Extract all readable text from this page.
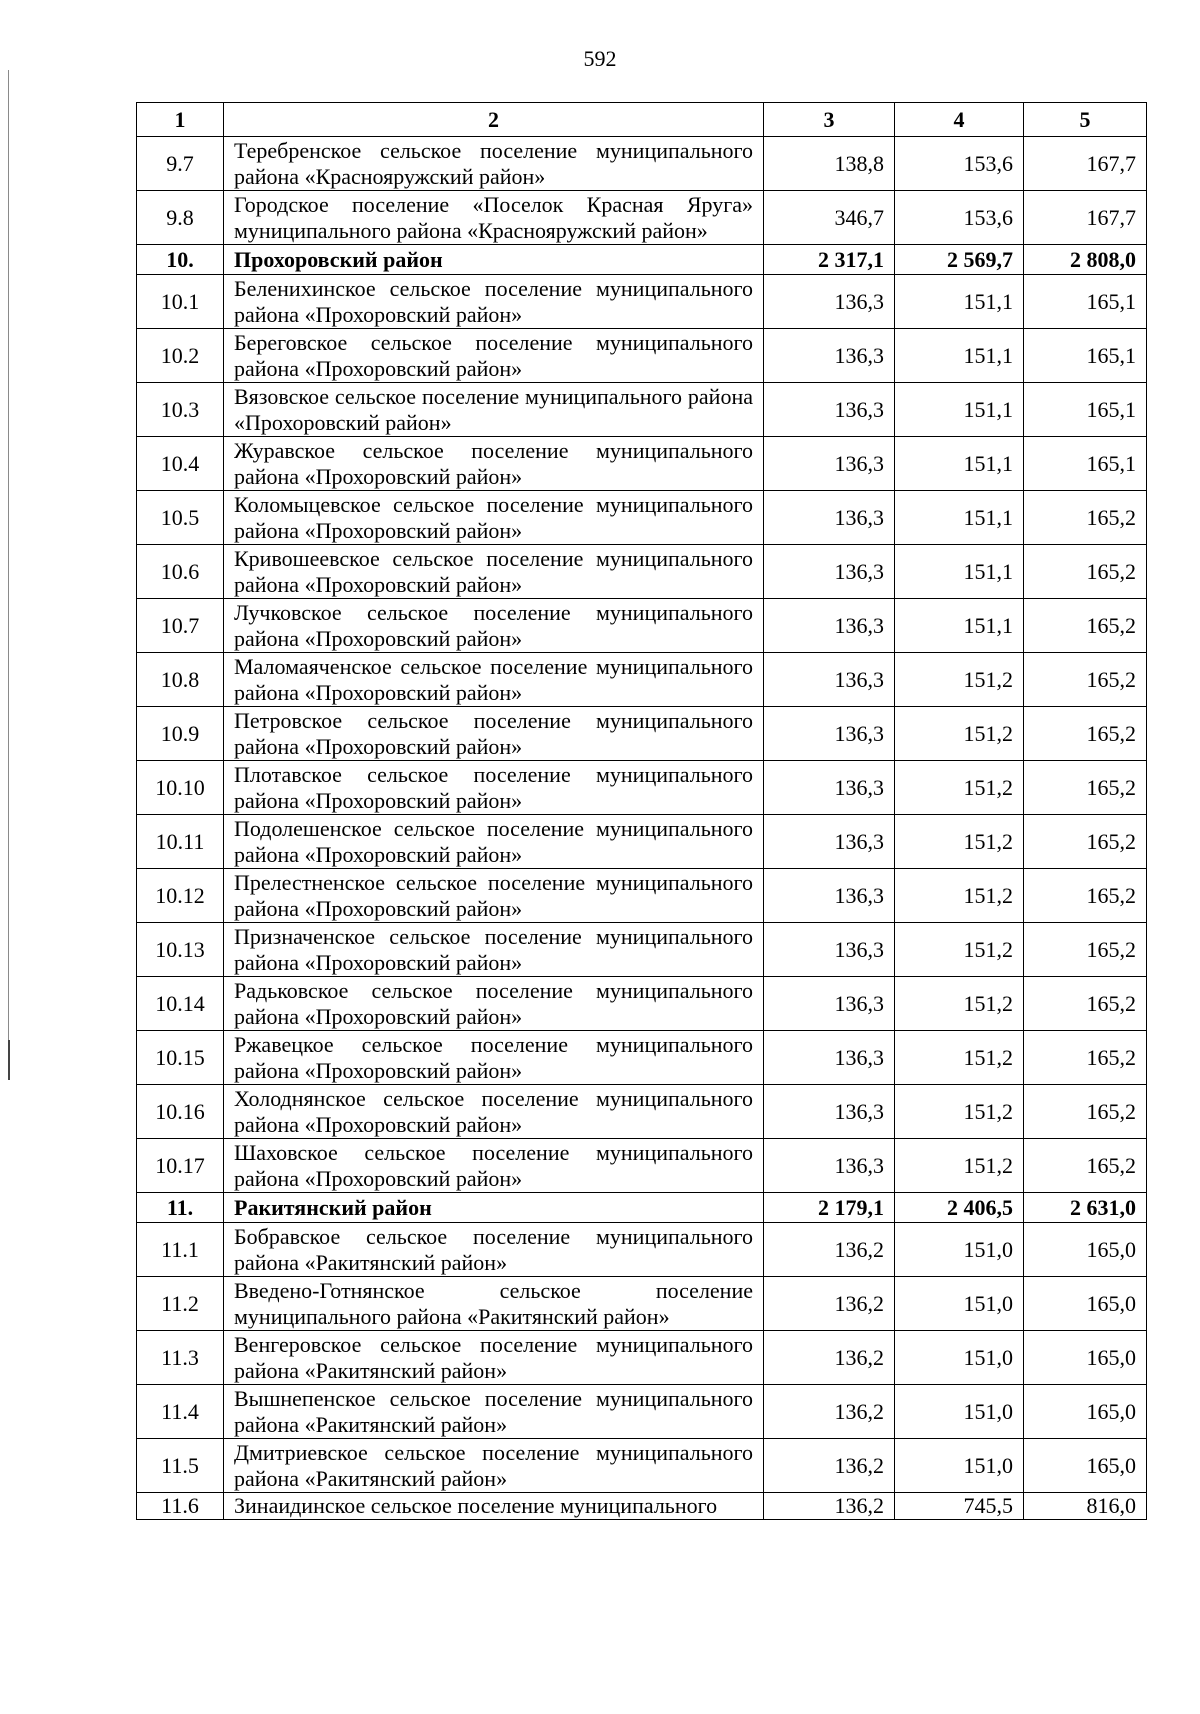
592
1	2	3	4	5
9.7	Теребренское сельское поселение муниципального района «Краснояружский район»	138,8	153,6	167,7
9.8	Городское поселение «Поселок Красная Яруга» муниципального района «Краснояружский район»	346,7	153,6	167,7
10.	Прохоровский район	2 317,1	2 569,7	2 808,0
10.1	Беленихинское сельское поселение муниципального района «Прохоровский район»	136,3	151,1	165,1
10.2	Береговское сельское поселение муниципального района «Прохоровский район»	136,3	151,1	165,1
10.3	Вязовское сельское поселение муниципального района «Прохоровский район»	136,3	151,1	165,1
10.4	Журавское сельское поселение муниципального района «Прохоровский район»	136,3	151,1	165,1
10.5	Коломыцевское сельское поселение муниципального района «Прохоровский район»	136,3	151,1	165,2
10.6	Кривошеевское сельское поселение муниципального района «Прохоровский район»	136,3	151,1	165,2
10.7	Лучковское сельское поселение муниципального района «Прохоровский район»	136,3	151,1	165,2
10.8	Маломаяченское сельское поселение муниципального района «Прохоровский район»	136,3	151,2	165,2
10.9	Петровское сельское поселение муниципального района «Прохоровский район»	136,3	151,2	165,2
10.10	Плотавское сельское поселение муниципального района «Прохоровский район»	136,3	151,2	165,2
10.11	Подолешенское сельское поселение муниципального района «Прохоровский район»	136,3	151,2	165,2
10.12	Прелестненское сельское поселение муниципального района «Прохоровский район»	136,3	151,2	165,2
10.13	Призначенское сельское поселение муниципального района «Прохоровский район»	136,3	151,2	165,2
10.14	Радьковское сельское поселение муниципального района «Прохоровский район»	136,3	151,2	165,2
10.15	Ржавецкое сельское поселение муниципального района «Прохоровский район»	136,3	151,2	165,2
10.16	Холоднянское сельское поселение муниципального района «Прохоровский район»	136,3	151,2	165,2
10.17	Шаховское сельское поселение муниципального района «Прохоровский район»	136,3	151,2	165,2
11.	Ракитянский район	2 179,1	2 406,5	2 631,0
11.1	Бобравское сельское поселение муниципального района «Ракитянский район»	136,2	151,0	165,0
11.2	Введено-Готнянское сельское поселение муниципального района «Ракитянский район»	136,2	151,0	165,0
11.3	Венгеровское сельское поселение муниципального района «Ракитянский район»	136,2	151,0	165,0
11.4	Вышнепенское сельское поселение муниципального района «Ракитянский район»	136,2	151,0	165,0
11.5	Дмитриевское сельское поселение муниципального района «Ракитянский район»	136,2	151,0	165,0
11.6	Зинаидинское сельское поселение муниципального	136,2	745,5	816,0
